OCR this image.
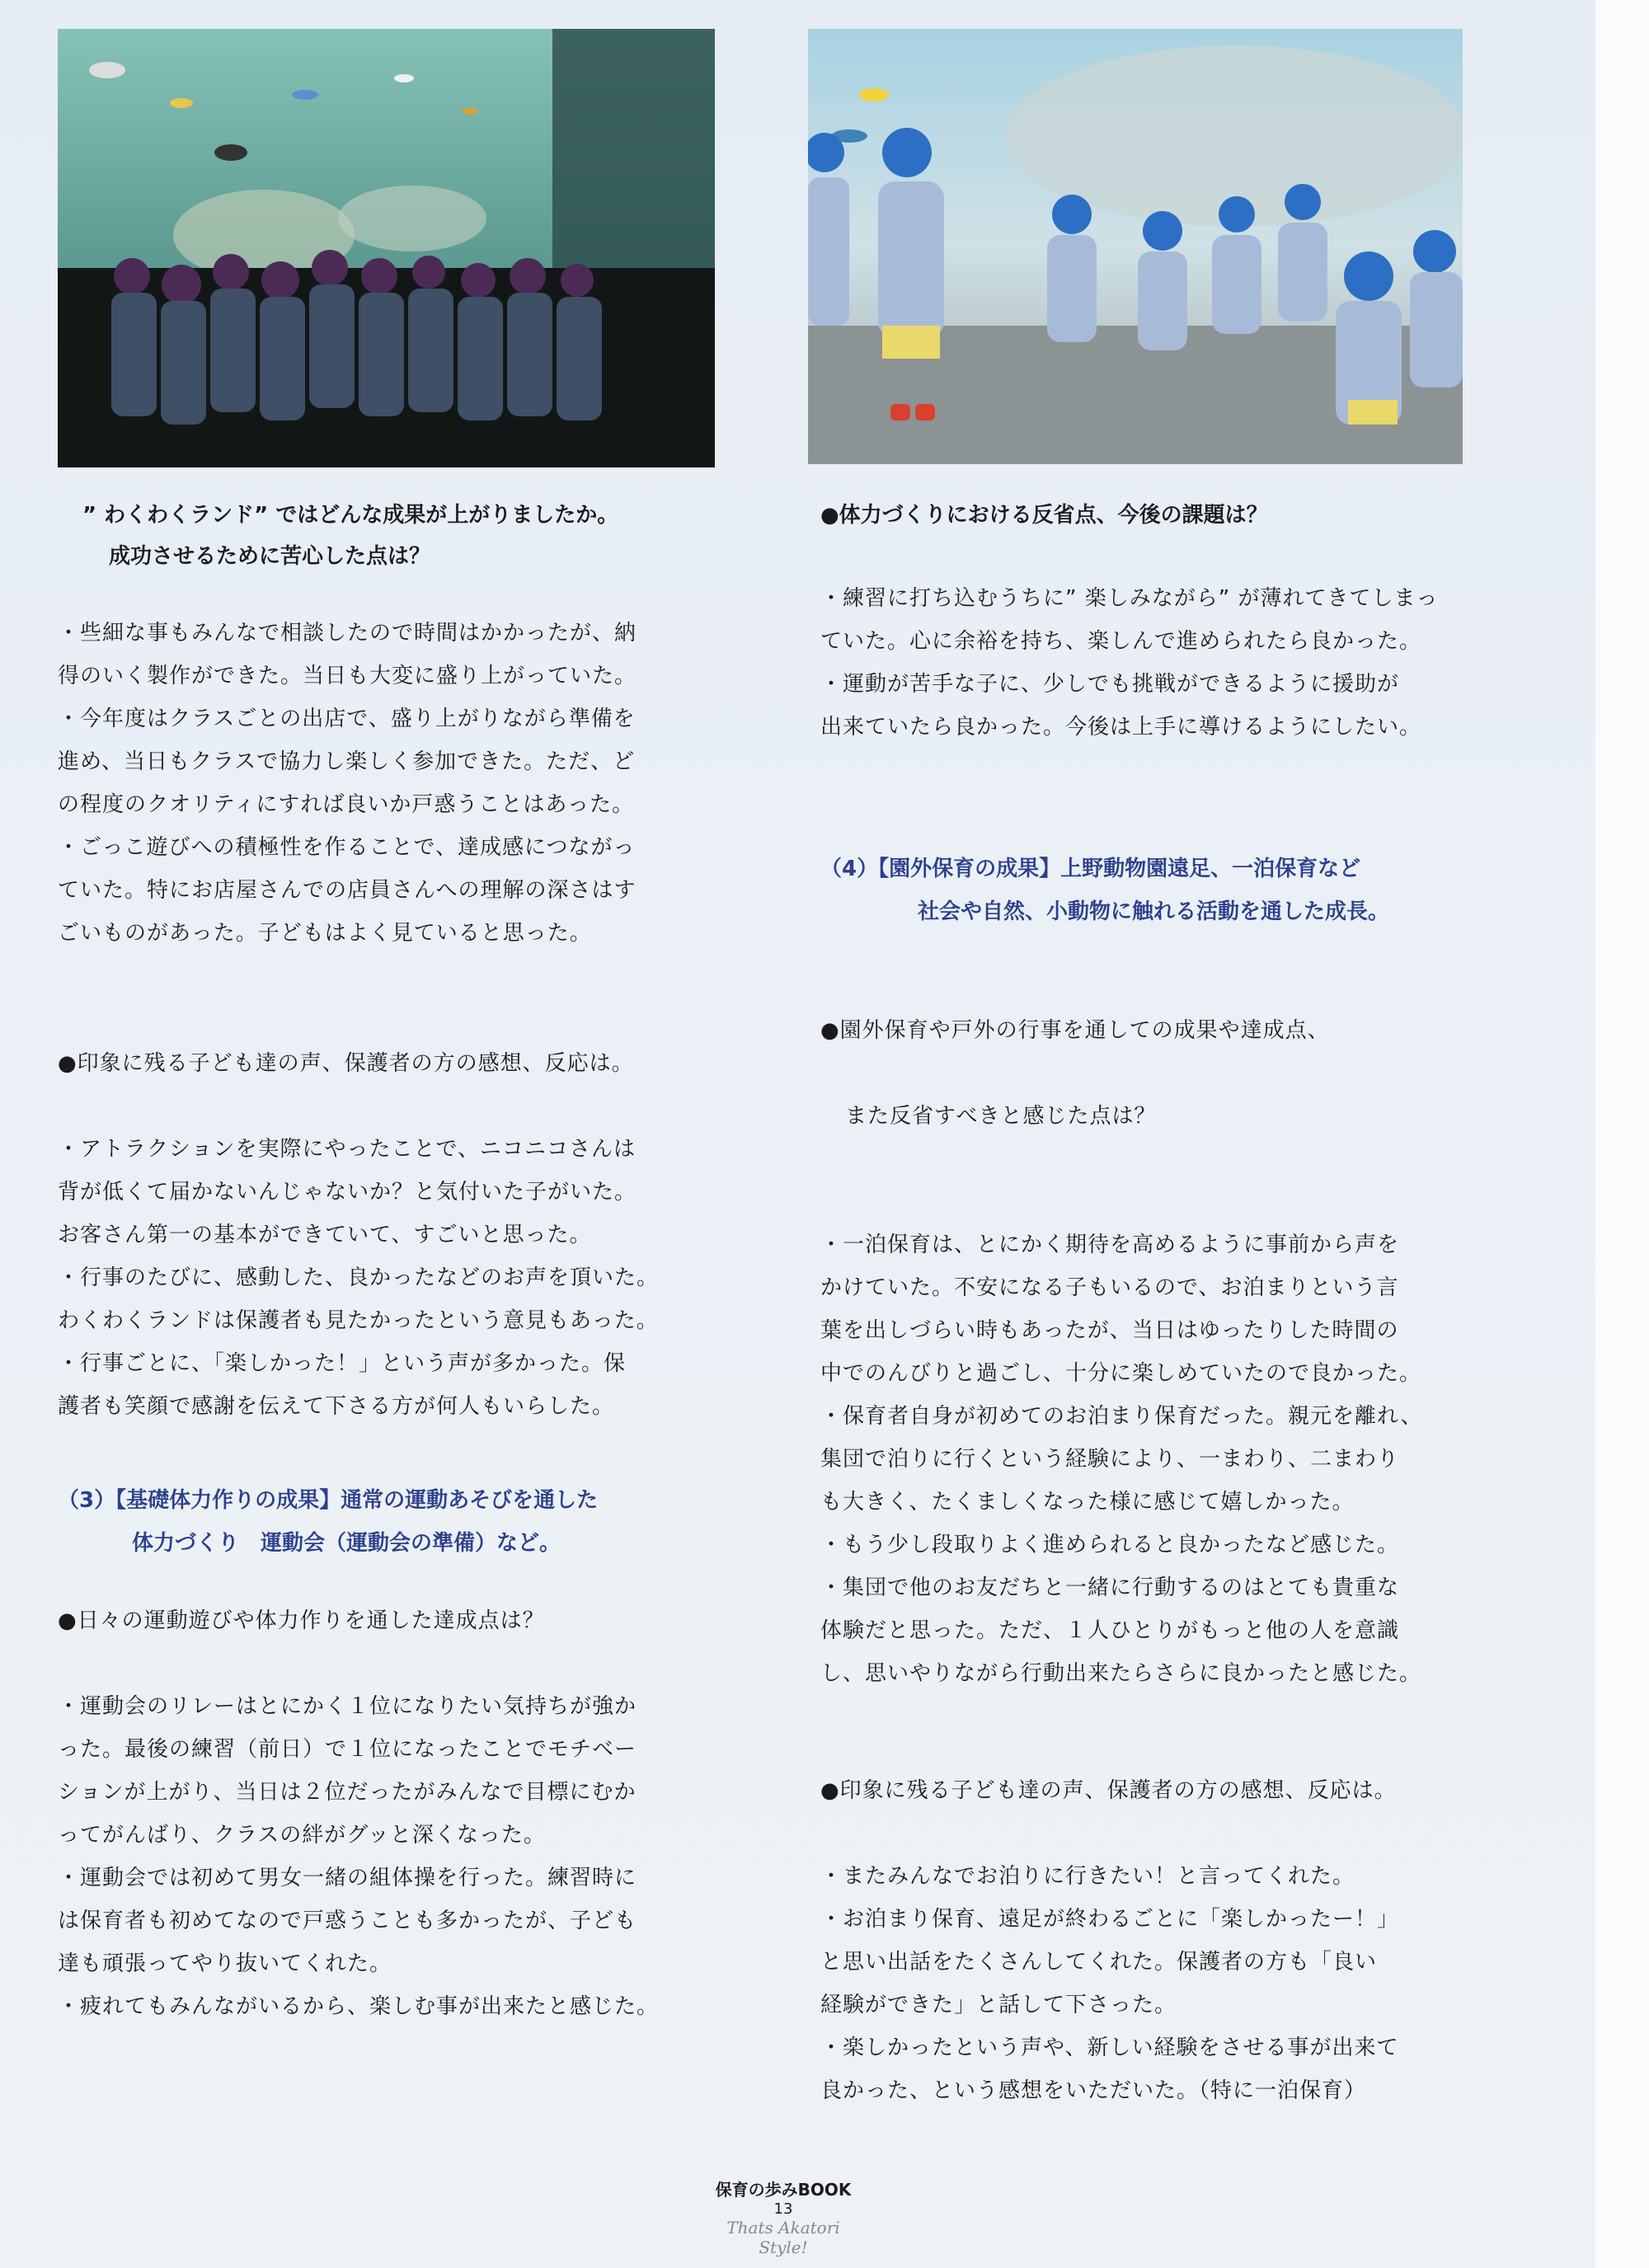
” わくわくランド” ではどんな成果が上がりましたか。
成功させるために苦心した点は？

・些細な事もみんなで相談したので時間はかかったが、納
得のいく製作ができた。当日も大変に盛り上がっていた。

・今年度はクラスごとの出店で、盛り上がりながら準備を
進め、当日もクラスで協力し楽しく参加できた。ただ、ど
の程度のクオリティにすれば良いか戸惑うことはあった。

・ごっこ遊びへの積極性を作ることで、達成感につながっ
ていた。特にお店屋さんでの店員さんへの理解の深さはす
ごいものがあった。子どもはよく見ていると思った。

●印象に残る子ども達の声、保護者の方の感想、反応は。

・アトラクションを実際にやったことで、ニコニコさんは
背が低くて届かないんじゃないか？と気付いた子がいた。
お客さん第一の基本ができていて、すごいと思った。

・行事のたびに、感動した、良かったなどのお声を頂いた。
わくわくランドは保護者も見たかったという意見もあった。

・行事ごとに、「楽しかった！」という声が多かった。保
護者も笑顔で感謝を伝えて下さる方が何人もいらした。

（3）【基礎体力作りの成果】通常の運動あそびを通した
体力づくり　運動会（運動会の準備）など。

●日々の運動遊びや体力作りを通した達成点は？

・運動会のリレーはとにかく１位になりたい気持ちが強か
った。最後の練習（前日）で１位になったことでモチベー
ションが上がり、当日は２位だったがみんなで目標にむか
ってがんばり、クラスの絆がグッと深くなった。

・運動会では初めて男女一緒の組体操を行った。練習時に
は保育者も初めてなので戸惑うことも多かったが、子ども
達も頑張ってやり抜いてくれた。

・疲れてもみんながいるから、楽しむ事が出来たと感じた。

●体力づくりにおける反省点、今後の課題は？

・練習に打ち込むうちに” 楽しみながら” が薄れてきてしまっ
ていた。心に余裕を持ち、楽しんで進められたら良かった。

・運動が苦手な子に、少しでも挑戦ができるように援助が
出来ていたら良かった。今後は上手に導けるようにしたい。

（4）【園外保育の成果】上野動物園遠足、一泊保育など
社会や自然、小動物に触れる活動を通した成長。

●園外保育や戸外の行事を通しての成果や達成点、

また反省すべきと感じた点は？

・一泊保育は、とにかく期待を高めるように事前から声を
かけていた。不安になる子もいるので、お泊まりという言
葉を出しづらい時もあったが、当日はゆったりした時間の
中でのんびりと過ごし、十分に楽しめていたので良かった。

・保育者自身が初めてのお泊まり保育だった。親元を離れ、
集団で泊りに行くという経験により、一まわり、二まわり
も大きく、たくましくなった様に感じて嬉しかった。

・もう少し段取りよく進められると良かったなど感じた。

・集団で他のお友だちと一緒に行動するのはとても貴重な
体験だと思った。ただ、１人ひとりがもっと他の人を意識
し、思いやりながら行動出来たらさらに良かったと感じた。

●印象に残る子ども達の声、保護者の方の感想、反応は。

・またみんなでお泊りに行きたい！と言ってくれた。

・お泊まり保育、遠足が終わるごとに「楽しかったー！」
と思い出話をたくさんしてくれた。保護者の方も「良い
経験ができた」と話して下さった。

・楽しかったという声や、新しい経験をさせる事が出来て
良かった、という感想をいただいた。（特に一泊保育）

保育の歩みBOOK
13
Thats Akatori Style!
